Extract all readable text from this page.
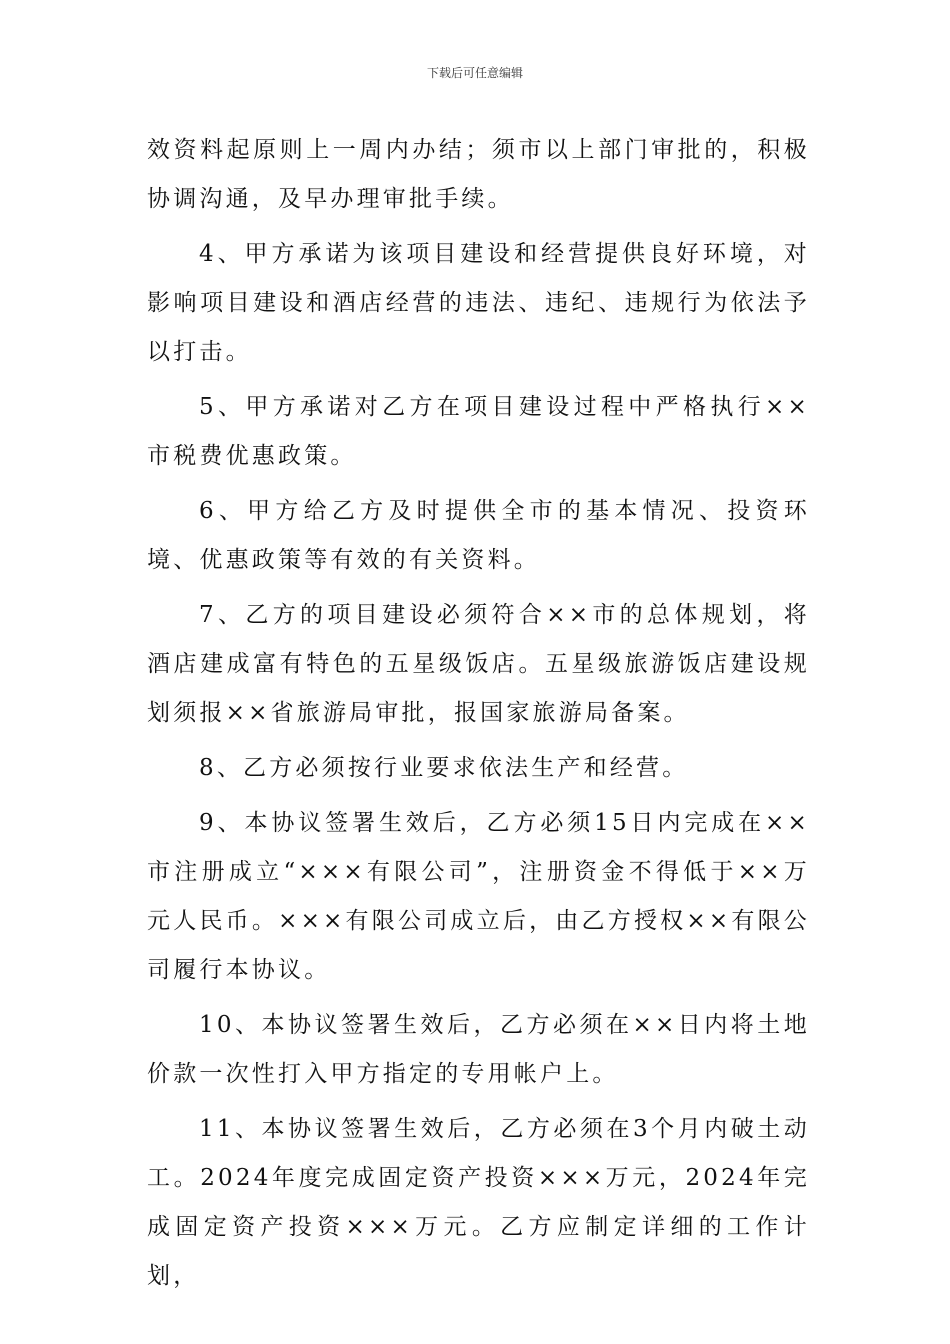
下载后可任意编辑

效资料起原则上一周内办结；须市以上部门审批的，积极协调沟通，及早办理审批手续。

4、甲方承诺为该项目建设和经营提供良好环境，对影响项目建设和酒店经营的违法、违纪、违规行为依法予以打击。

5、甲方承诺对乙方在项目建设过程中严格执行××市税费优惠政策。

6、甲方给乙方及时提供全市的基本情况、投资环境、优惠政策等有效的有关资料。

7、乙方的项目建设必须符合××市的总体规划，将酒店建成富有特色的五星级饭店。五星级旅游饭店建设规划须报××省旅游局审批，报国家旅游局备案。

8、乙方必须按行业要求依法生产和经营。

9、本协议签署生效后，乙方必须15日内完成在××市注册成立“×××有限公司”，注册资金不得低于××万元人民币。×××有限公司成立后，由乙方授权××有限公司履行本协议。

10、本协议签署生效后，乙方必须在××日内将土地价款一次性打入甲方指定的专用帐户上。

11、本协议签署生效后，乙方必须在3个月内破土动工。2024年度完成固定资产投资×××万元，2024年完成固定资产投资×××万元。乙方应制定详细的工作计划，
